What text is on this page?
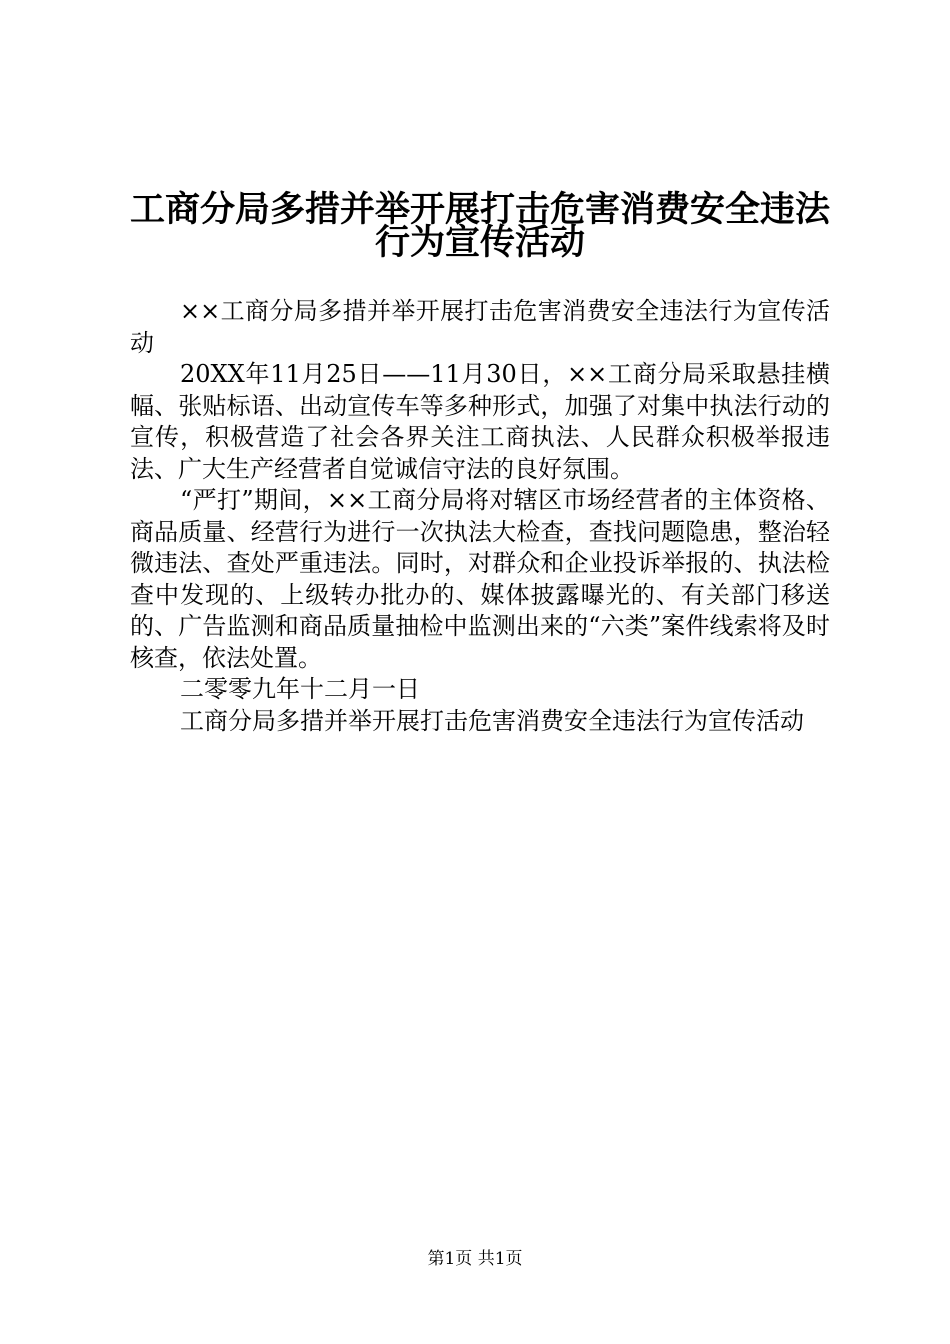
工商分局多措并举开展打击危害消费安全违法
行为宣传活动

××工商分局多措并举开展打击危害消费安全违法行为宣传活动

20XX年11月25日——11月30日，××工商分局采取悬挂横幅、张贴标语、出动宣传车等多种形式，加强了对集中执法行动的宣传，积极营造了社会各界关注工商执法、人民群众积极举报违法、广大生产经营者自觉诚信守法的良好氛围。

“严打”期间，××工商分局将对辖区市场经营者的主体资格、商品质量、经营行为进行一次执法大检查，查找问题隐患，整治轻微违法、查处严重违法。同时，对群众和企业投诉举报的、执法检查中发现的、上级转办批办的、媒体披露曝光的、有关部门移送的、广告监测和商品质量抽检中监测出来的“六类”案件线索将及时核查，依法处置。

二零零九年十二月一日

工商分局多措并举开展打击危害消费安全违法行为宣传活动

第1页 共1页
